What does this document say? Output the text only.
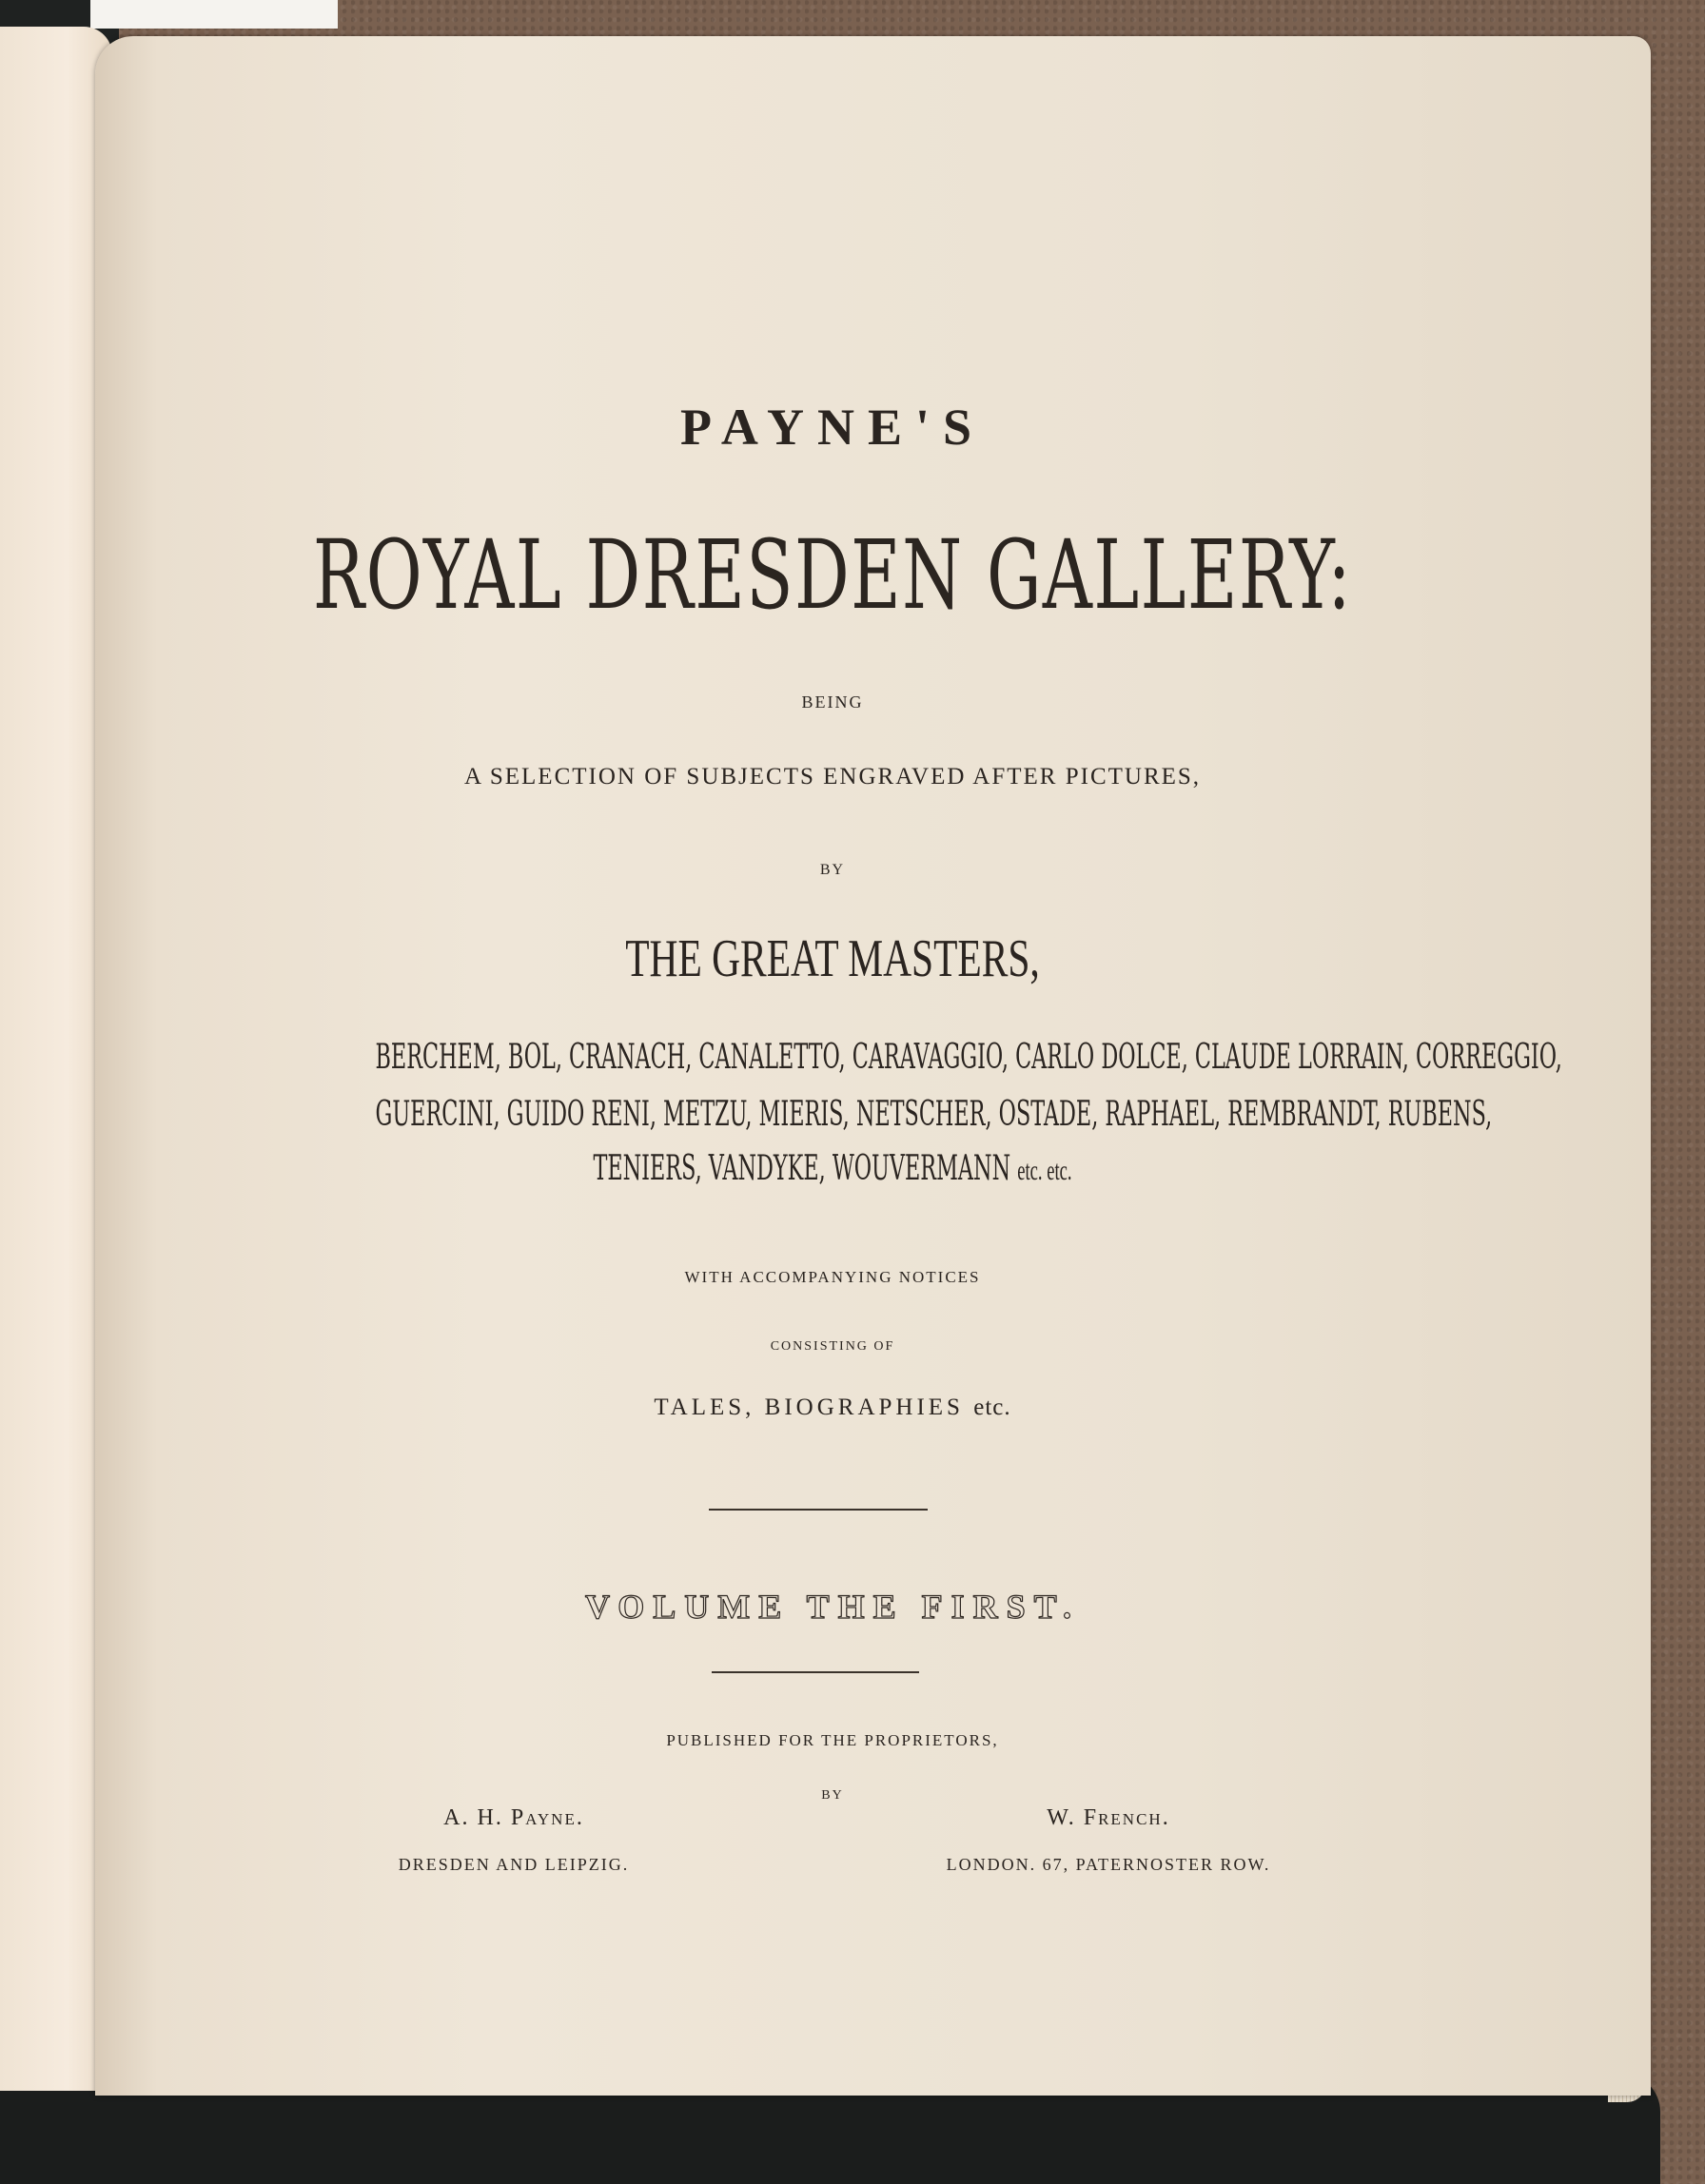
PAYNE'S
ROYAL DRESDEN GALLERY:
BEING
A SELECTION OF SUBJECTS ENGRAVED AFTER PICTURES,
BY
THE GREAT MASTERS,
BERCHEM, BOL, CRANACH, CANALETTO, CARAVAGGIO, CARLO DOLCE, CLAUDE LORRAIN, CORREGGIO,
GUERCINI, GUIDO RENI, METZU, MIERIS, NETSCHER, OSTADE, RAPHAEL, REMBRANDT, RUBENS,
TENIERS, VANDYKE, WOUVERMANN etc. etc.
WITH ACCOMPANYING NOTICES
CONSISTING OF
TALES, BIOGRAPHIES etc.
VOLUME THE FIRST.
PUBLISHED FOR THE PROPRIETORS,
BY
A. H. Payne.
DRESDEN AND LEIPZIG.
W. French.
LONDON. 67, PATERNOSTER ROW.
